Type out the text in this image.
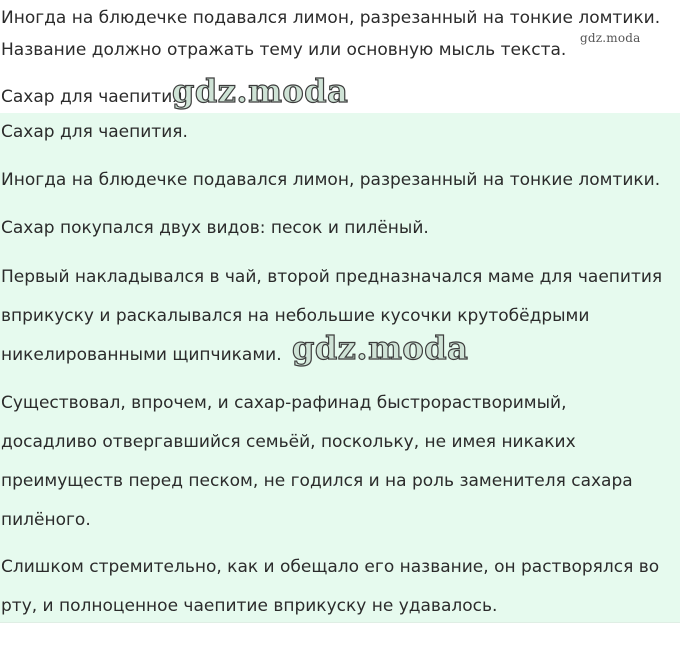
Иногда на блюдечке подавался лимон, разрезанный на тонкие ломтики.
Название должно отражать тему или основную мысль текста.
gdz.moda
Сахар для чаепития.
gdz.moda
Сахар для чаепития.
Иногда на блюдечке подавался лимон, разрезанный на тонкие ломтики.
Сахар покупался двух видов: песок и пилёный.
Первый накладывался в чай, второй предназначался маме для чаепития
вприкуску и раскалывался на небольшие кусочки крутобёдрыми
никелированными щипчиками. gdz.moda
Существовал, впрочем, и сахар-рафинад быстрорастворимый,
досадливо отвергавшийся семьёй, поскольку, не имея никаких
преимуществ перед песком, не годился и на роль заменителя сахара
пилёного.
Слишком стремительно, как и обещало его название, он растворялся во
рту, и полноценное чаепитие вприкуску не удавалось.
